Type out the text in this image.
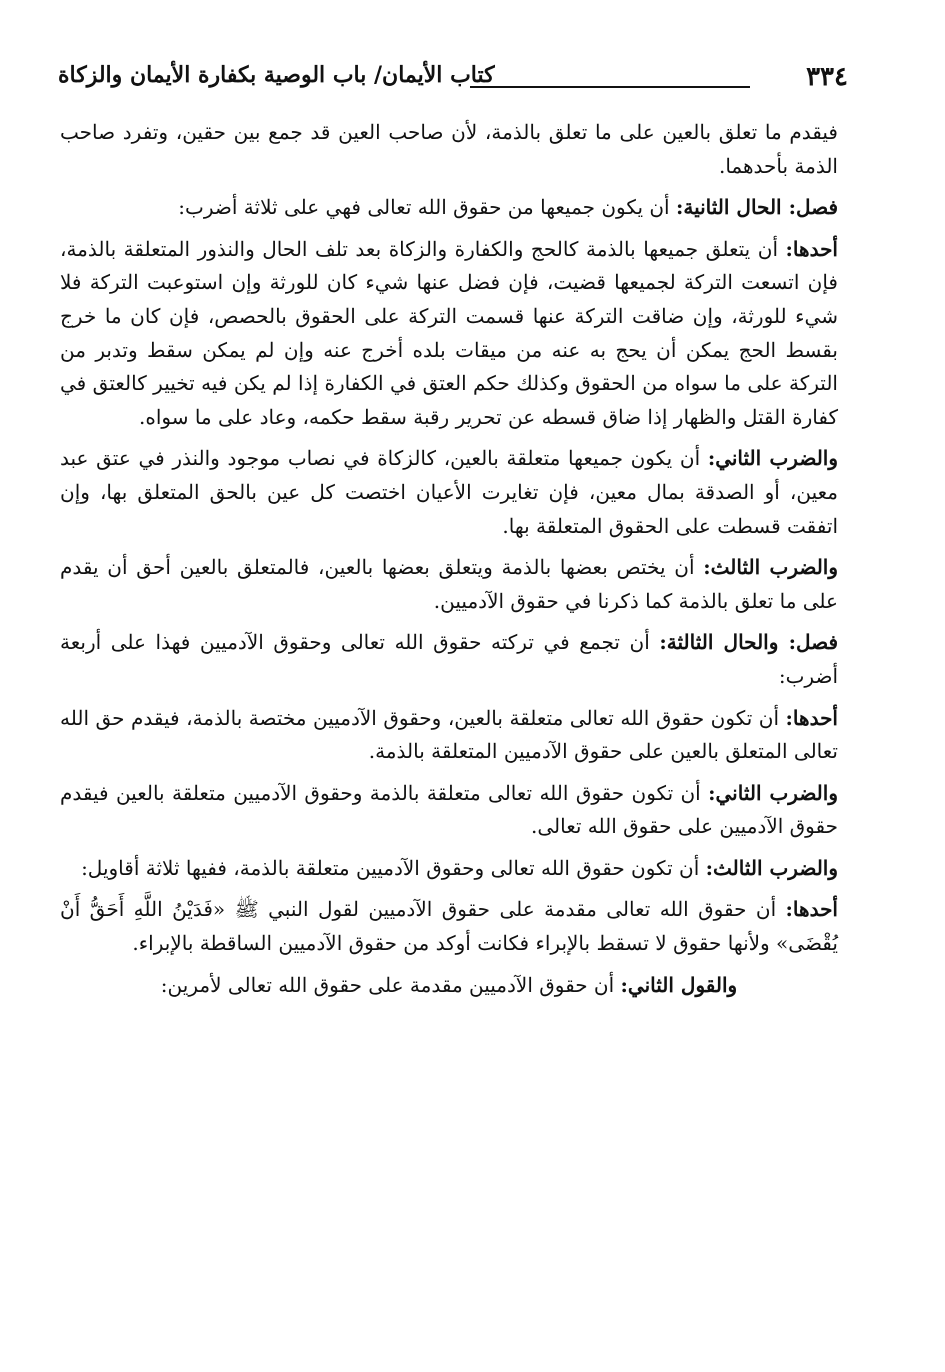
٣٣٤
كتاب الأيمان/ باب الوصية بكفارة الأيمان والزكاة

فيقدم ما تعلق بالعين على ما تعلق بالذمة، لأن صاحب العين قد جمع بين حقين، وتفرد صاحب الذمة بأحدهما.

فصل: الحال الثانية: أن يكون جميعها من حقوق الله تعالى فهي على ثلاثة أضرب:

أحدها: أن يتعلق جميعها بالذمة كالحج والكفارة والزكاة بعد تلف الحال والنذور المتعلقة بالذمة، فإن اتسعت التركة لجميعها قضيت، فإن فضل عنها شيء كان للورثة وإن استوعبت التركة فلا شيء للورثة، وإن ضاقت التركة عنها قسمت التركة على الحقوق بالحصص، فإن كان ما خرج بقسط الحج يمكن أن يحج به عنه من ميقات بلده أخرج عنه وإن لم يمكن سقط وتدبر من التركة على ما سواه من الحقوق وكذلك حكم العتق في الكفارة إذا لم يكن فيه تخيير كالعتق في كفارة القتل والظهار إذا ضاق قسطه عن تحرير رقبة سقط حكمه، وعاد على ما سواه.

والضرب الثاني: أن يكون جميعها متعلقة بالعين، كالزكاة في نصاب موجود والنذر في عتق عبد معين، أو الصدقة بمال معين، فإن تغايرت الأعيان اختصت كل عين بالحق المتعلق بها، وإن اتفقت قسطت على الحقوق المتعلقة بها.

والضرب الثالث: أن يختص بعضها بالذمة ويتعلق بعضها بالعين، فالمتعلق بالعين أحق أن يقدم على ما تعلق بالذمة كما ذكرنا في حقوق الآدميين.

فصل: والحال الثالثة: أن تجمع في تركته حقوق الله تعالى وحقوق الآدميين فهذا على أربعة أضرب:

أحدها: أن تكون حقوق الله تعالى متعلقة بالعين، وحقوق الآدميين مختصة بالذمة، فيقدم حق الله تعالى المتعلق بالعين على حقوق الآدميين المتعلقة بالذمة.

والضرب الثاني: أن تكون حقوق الله تعالى متعلقة بالذمة وحقوق الآدميين متعلقة بالعين فيقدم حقوق الآدميين على حقوق الله تعالى.

والضرب الثالث: أن تكون حقوق الله تعالى وحقوق الآدميين متعلقة بالذمة، ففيها ثلاثة أقاويل:

أحدها: أن حقوق الله تعالى مقدمة على حقوق الآدميين لقول النبي ﷺ «فَدَيْنُ اللَّهِ أَحَقُّ أَنْ يُقْضَى» ولأنها حقوق لا تسقط بالإبراء فكانت أوكد من حقوق الآدميين الساقطة بالإبراء.

والقول الثاني: أن حقوق الآدميين مقدمة على حقوق الله تعالى لأمرين:
